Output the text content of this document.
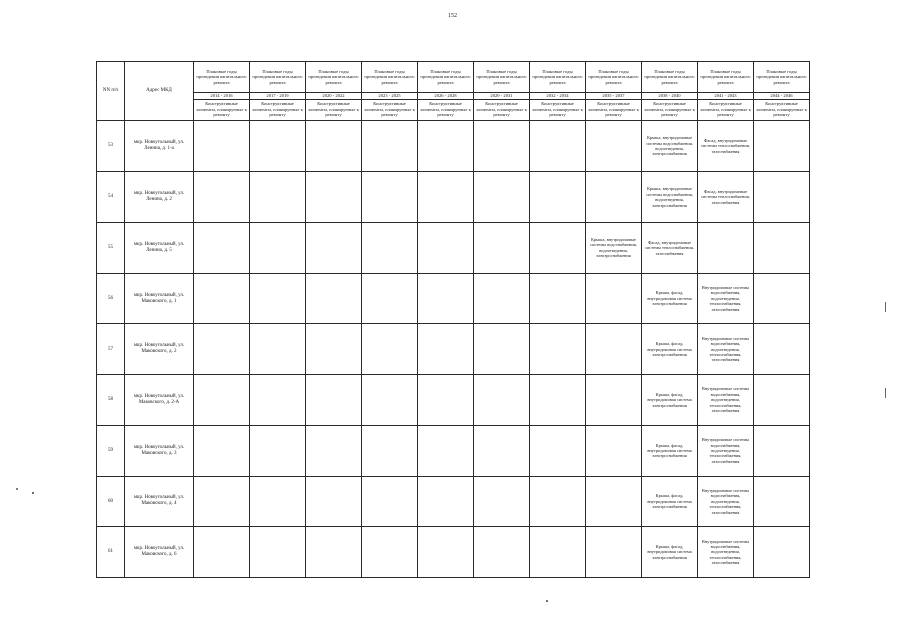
152
NN п/п	Адрес МКД	Плановые годы проведения капитального ремонта	Плановые годы проведения капитального ремонта	Плановые годы проведения капитального ремонта	Плановые годы проведения капитального ремонта	Плановые годы проведения капитального ремонта	Плановые годы проведения капитального ремонта	Плановые годы проведения капитального ремонта	Плановые годы проведения капитального ремонта	Плановые годы проведения капитального ремонта	Плановые годы проведения капитального ремонта	Плановые годы проведения капитального ремонта
		2014 - 2016	2017 - 2019	2020 - 2022	2023 - 2025	2026 - 2028	2029 - 2031	2032 - 2034	2035 - 2037	2038 - 2040	2041 - 2043	2044 - 2046
		Конструктивные элементы, планируемые к ремонту	Конструктивные элементы, планируемые к ремонту	Конструктивные элементы, планируемые к ремонту	Конструктивные элементы, планируемые к ремонту	Конструктивные элементы, планируемые к ремонту	Конструктивные элементы, планируемые к ремонту	Конструктивные элементы, планируемые к ремонту	Конструктивные элементы, планируемые к ремонту	Конструктивные элементы, планируемые к ремонту	Конструктивные элементы, планируемые к ремонту	Конструктивные элементы, планируемые к ремонту
53	мкр. Новоугольный, ул. Ленина, д. 1-а									Крыша, внутридомовые системы водоснабжения, водоотведения, электроснабжения	Фасад, внутридомовые системы теплоснабжения, газоснабжения	
54	мкр. Новоугольный, ул. Ленина, д. 2									Крыша, внутридомовые системы водоснабжения, водоотведения, электроснабжения	Фасад, внутридомовые системы теплоснабжения, газоснабжения	
55	мкр. Новоугольный, ул. Ленина, д. 5								Крыша, внутридомовые системы водоснабжения, водоотведения, электроснабжения	Фасад, внутридомовые системы теплоснабжения, газоснабжения		
56	мкр. Новоугольный, ул. Маковского, д. 1									Крыша, фасад, внутридомовая система электроснабжения	Внутридомовые системы водоснабжения, водоотведения, теплоснабжения, газоснабжения	
57	мкр. Новоугольный, ул. Маковского, д. 2									Крыша, фасад, внутридомовая система электроснабжения	Внутридомовые системы водоснабжения, водоотведения, теплоснабжения, газоснабжения	
58	мкр. Новоугольный, ул. Маковского, д. 2-А									Крыша, фасад, внутридомовая система электроснабжения	Внутридомовые системы водоснабжения, водоотведения, теплоснабжения, газоснабжения	
59	мкр. Новоугольный, ул. Маковского, д. 3									Крыша, фасад, внутридомовая система электроснабжения	Внутридомовые системы водоснабжения, водоотведения, теплоснабжения, газоснабжения	
60	мкр. Новоугольный, ул. Маковского, д. 4									Крыша, фасад, внутридомовая система электроснабжения	Внутридомовые системы водоснабжения, водоотведения, теплоснабжения, газоснабжения	
61	мкр. Новоугольный, ул. Маковского, д. 6									Крыша, фасад, внутридомовая система электроснабжения	Внутридомовые системы водоснабжения, водоотведения, теплоснабжения, газоснабжения	
